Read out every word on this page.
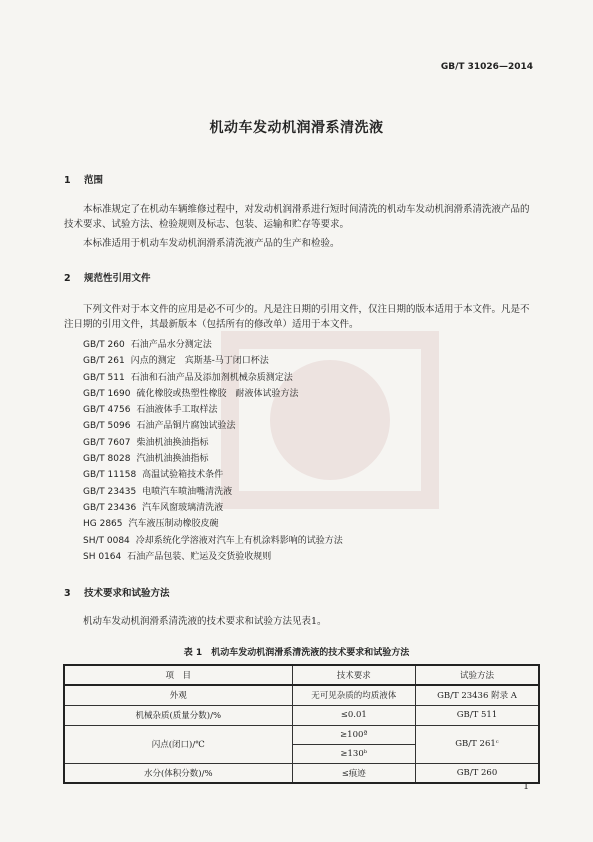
GB/T 31026—2014
机动车发动机润滑系清洗液
1 范围
本标准规定了在机动车辆维修过程中，对发动机润滑系进行短时间清洗的机动车发动机润滑系清洗液产品的技术要求、试验方法、检验规则及标志、包装、运输和贮存等要求。
本标准适用于机动车发动机润滑系清洗液产品的生产和检验。
2 规范性引用文件
下列文件对于本文件的应用是必不可少的。凡是注日期的引用文件，仅注日期的版本适用于本文件。凡是不注日期的引用文件，其最新版本（包括所有的修改单）适用于本文件。
GB/T 260 石油产品水分测定法
GB/T 261 闪点的测定　宾斯基-马丁闭口杯法
GB/T 511 石油和石油产品及添加剂机械杂质测定法
GB/T 1690 硫化橡胶或热塑性橡胶　耐液体试验方法
GB/T 4756 石油液体手工取样法
GB/T 5096 石油产品铜片腐蚀试验法
GB/T 7607 柴油机油换油指标
GB/T 8028 汽油机油换油指标
GB/T 11158 高温试验箱技术条件
GB/T 23435 电喷汽车喷油嘴清洗液
GB/T 23436 汽车风窗玻璃清洗液
HG 2865 汽车液压制动橡胶皮碗
SH/T 0084 冷却系统化学溶液对汽车上有机涂料影响的试验方法
SH 0164 石油产品包装、贮运及交货验收规则
3 技术要求和试验方法
机动车发动机润滑系清洗液的技术要求和试验方法见表1。
表 1　机动车发动机润滑系清洗液的技术要求和试验方法
项　目	技术要求	试验方法
外观	无可见杂质的均质液体	GB/T 23436 附录 A
机械杂质(质量分数)/%	≤0.01	GB/T 511
闪点(闭口)/℃	≥100ª	GB/T 261ᶜ
	≥130ᵇ	
水分(体积分数)/%	≤痕迹	GB/T 260
1
